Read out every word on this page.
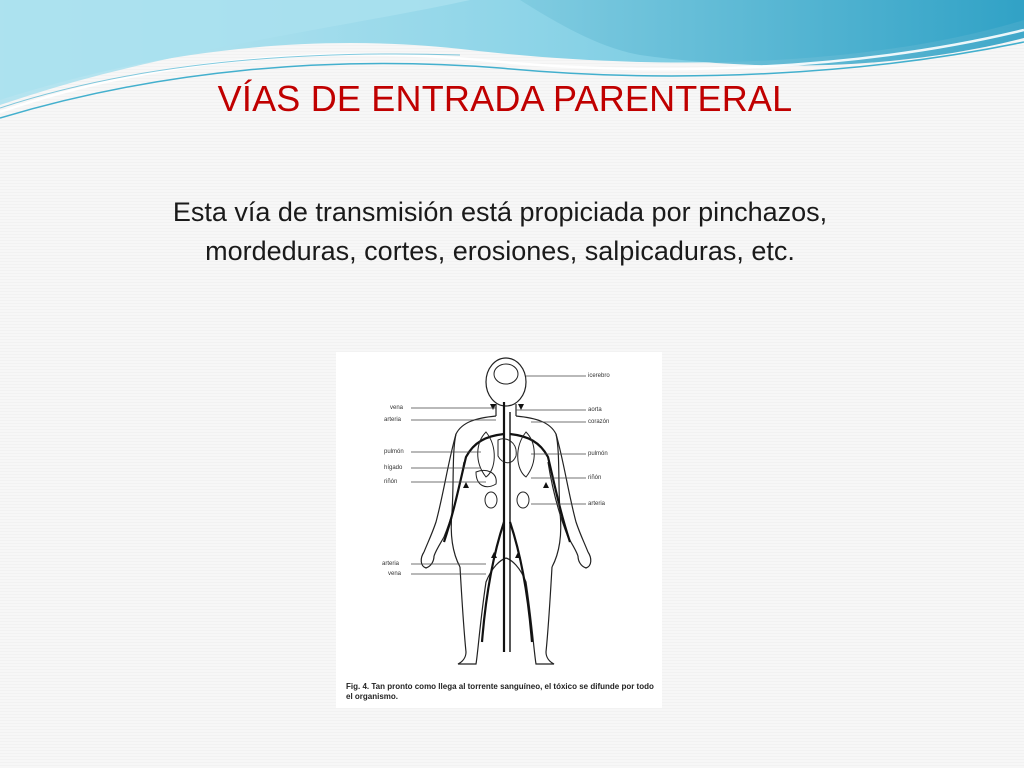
VÍAS DE ENTRADA PARENTERAL
Esta vía de transmisión está propiciada por pinchazos, mordeduras, cortes, erosiones, salpicaduras, etc.
icerebro
vena
arteria
aorta
corazón
pulmón
hígado
riñón
pulmón
riñón
arteria
arteria
vena
Fig. 4. Tan pronto como llega al torrente sanguíneo, el tóxico se difunde por todo el organismo.
